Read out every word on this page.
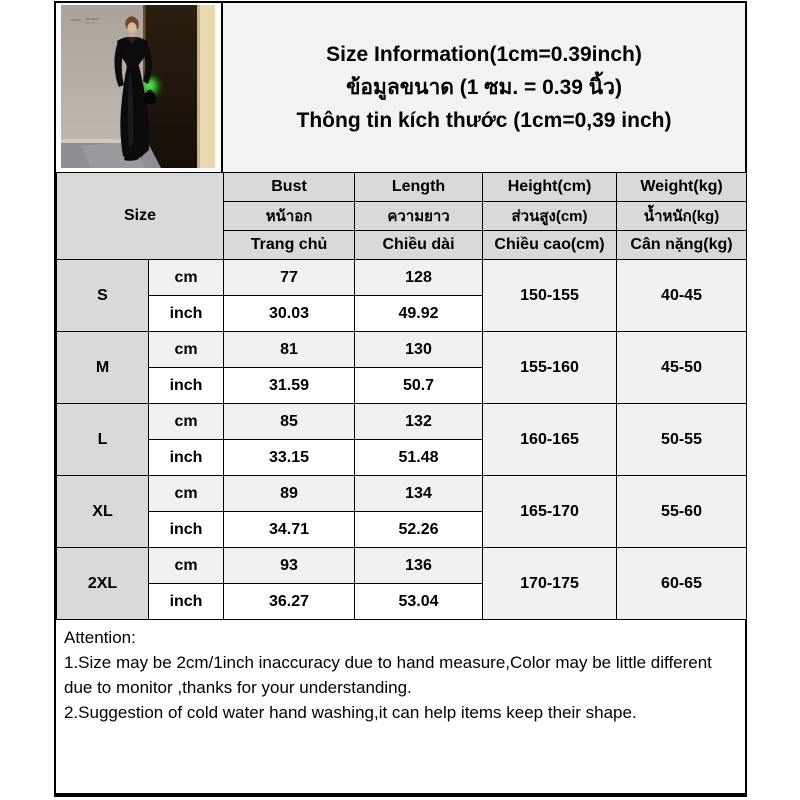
Size Information(1cm=0.39inch)
ข้อมูลขนาด (1 ซม. = 0.39 นิ้ว)
Thông tin kích thước (1cm=0,39 inch)
Size		Bust	Length	Height(cm)	Weight(kg)
		หน้าอก	ความยาว	ส่วนสูง(cm)	น้ำหนัก(kg)
		Trang chủ	Chiều dài	Chiều cao(cm)	Cân nặng(kg)
S	cm	77	128	150-155	40-45
	inch	30.03	49.92		
M	cm	81	130	155-160	45-50
	inch	31.59	50.7		
L	cm	85	132	160-165	50-55
	inch	33.15	51.48		
XL	cm	89	134	165-170	55-60
	inch	34.71	52.26		
2XL	cm	93	136	170-175	60-65
	inch	36.27	53.04		

Attention:

1.Size may be 2cm/1inch inaccuracy due to hand measure,Color may be little different due to monitor ,thanks for your understanding.

2.Suggestion of cold water hand washing,it can help items keep their shape.
